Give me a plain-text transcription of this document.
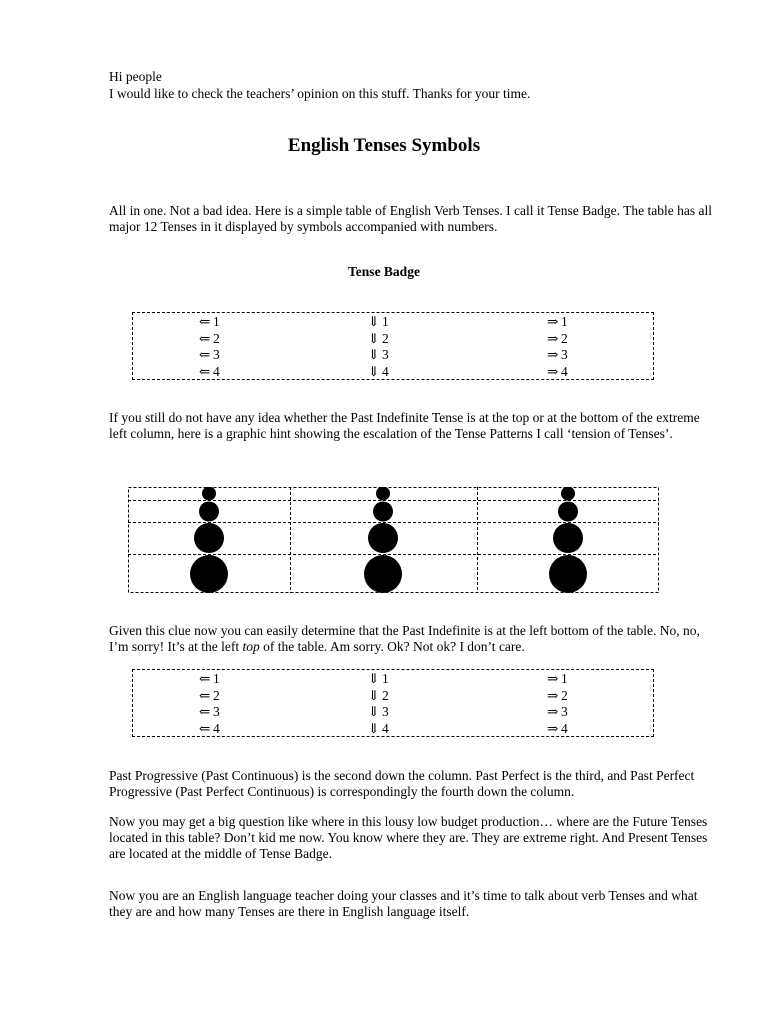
Hi people
I would like to check the teachers’ opinion on this stuff. Thanks for your time.
English Tenses Symbols
All in one. Not a bad idea. Here is a simple table of English Verb Tenses. I call it Tense Badge. The table has all major 12 Tenses in it displayed by symbols accompanied with numbers.
Tense Badge
⇐ 1
⇐ 2
⇐ 3
⇐ 4
⇓ 1
⇓ 2
⇓ 3
⇓ 4
⇒ 1
⇒ 2
⇒ 3
⇒ 4
If you still do not have any idea whether the Past Indefinite Tense is at the top or at the bottom of the extreme left column, here is a graphic hint showing the escalation of the Tense Patterns I call ‘tension of Tenses’.
Given this clue now you can easily determine that the Past Indefinite is at the left bottom of the table. No, no, I’m sorry! It’s at the left top of the table. Am sorry. Ok? Not ok? I don’t care.
⇐ 1
⇐ 2
⇐ 3
⇐ 4
⇓ 1
⇓ 2
⇓ 3
⇓ 4
⇒ 1
⇒ 2
⇒ 3
⇒ 4
Past Progressive (Past Continuous) is the second down the column. Past Perfect is the third, and Past Perfect Progressive (Past Perfect Continuous) is correspondingly the fourth down the column.
Now you may get a big question like where in this lousy low budget production… where are the Future Tenses located in this table? Don’t kid me now. You know where they are. They are extreme right. And Present Tenses are located at the middle of Tense Badge.
Now you are an English language teacher doing your classes and it’s time to talk about verb Tenses and what they are and how many Tenses are there in English language itself.
